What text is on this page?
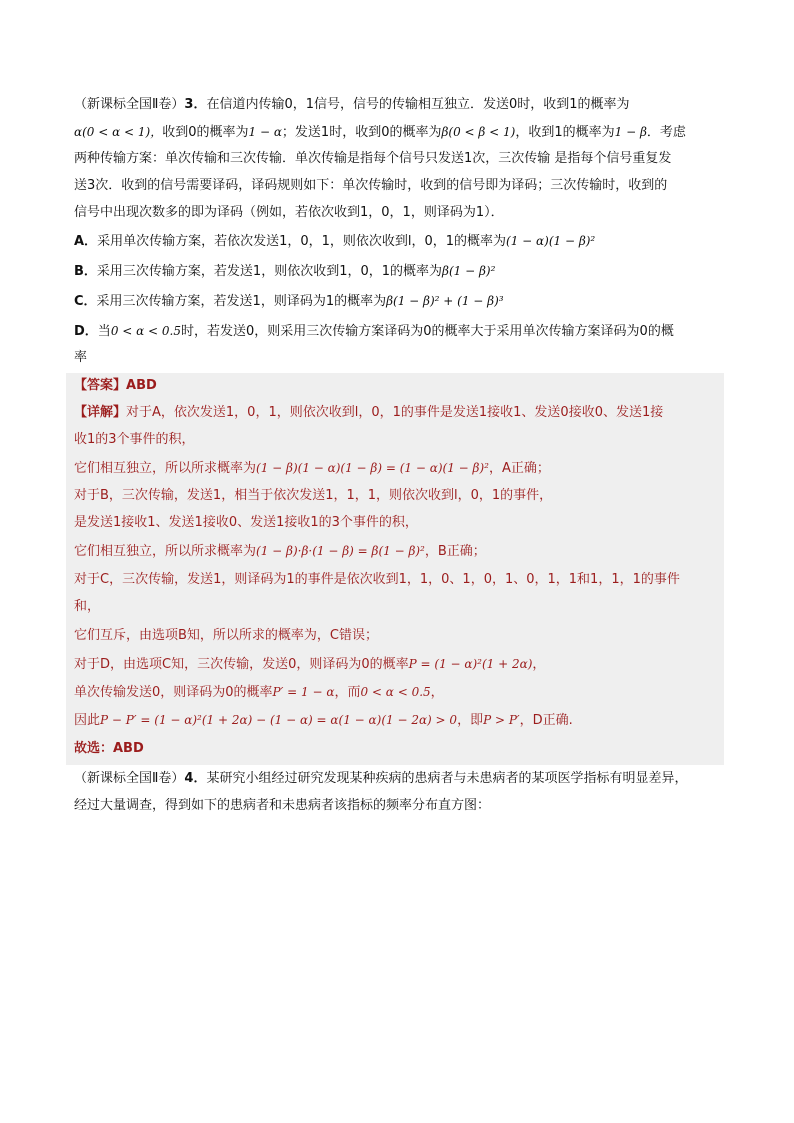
（新课标全国Ⅱ卷）3．在信道内传输0，1信号，信号的传输相互独立．发送0时，收到1的概率为
α(0 < α < 1)，收到0的概率为1 − α；发送1时，收到0的概率为β(0 < β < 1)，收到1的概率为1 − β．考虑
两种传输方案：单次传输和三次传输．单次传输是指每个信号只发送1次，三次传输 是指每个信号重复发
送3次．收到的信号需要译码，译码规则如下：单次传输时，收到的信号即为译码；三次传输时，收到的
信号中出现次数多的即为译码（例如，若依次收到1，0，1，则译码为1）．
A．采用单次传输方案，若依次发送1，0，1，则依次收到l，0，1的概率为(1 − α)(1 − β)²
B．采用三次传输方案，若发送1，则依次收到1，0，1的概率为β(1 − β)²
C．采用三次传输方案，若发送1，则译码为1的概率为β(1 − β)² + (1 − β)³
D．当0 < α < 0.5时，若发送0，则采用三次传输方案译码为0的概率大于采用单次传输方案译码为0的概
率
【答案】ABD
【详解】对于A，依次发送1，0，1，则依次收到l，0，1的事件是发送1接收1、发送0接收0、发送1接
收1的3个事件的积，
它们相互独立，所以所求概率为(1 − β)(1 − α)(1 − β) = (1 − α)(1 − β)²，A正确；
对于B，三次传输，发送1，相当于依次发送1，1，1，则依次收到l，0，1的事件，
是发送1接收1、发送1接收0、发送1接收1的3个事件的积，
它们相互独立，所以所求概率为(1 − β)·β·(1 − β) = β(1 − β)²，B正确；
对于C，三次传输，发送1，则译码为1的事件是依次收到1，1，0、1，0，1、0，1，1和1，1，1的事件
和，
它们互斥，由选项B知，所以所求的概率为，C错误；
对于D，由选项C知，三次传输，发送0，则译码为0的概率P = (1 − α)²(1 + 2α)，
单次传输发送0，则译码为0的概率P′ = 1 − α，而0 < α < 0.5，
因此P − P′ = (1 − α)²(1 + 2α) − (1 − α) = α(1 − α)(1 − 2α) > 0，即P > P′，D正确.
故选：ABD
（新课标全国Ⅱ卷）4．某研究小组经过研究发现某种疾病的患病者与未患病者的某项医学指标有明显差异，
经过大量调查，得到如下的患病者和未患病者该指标的频率分布直方图：
